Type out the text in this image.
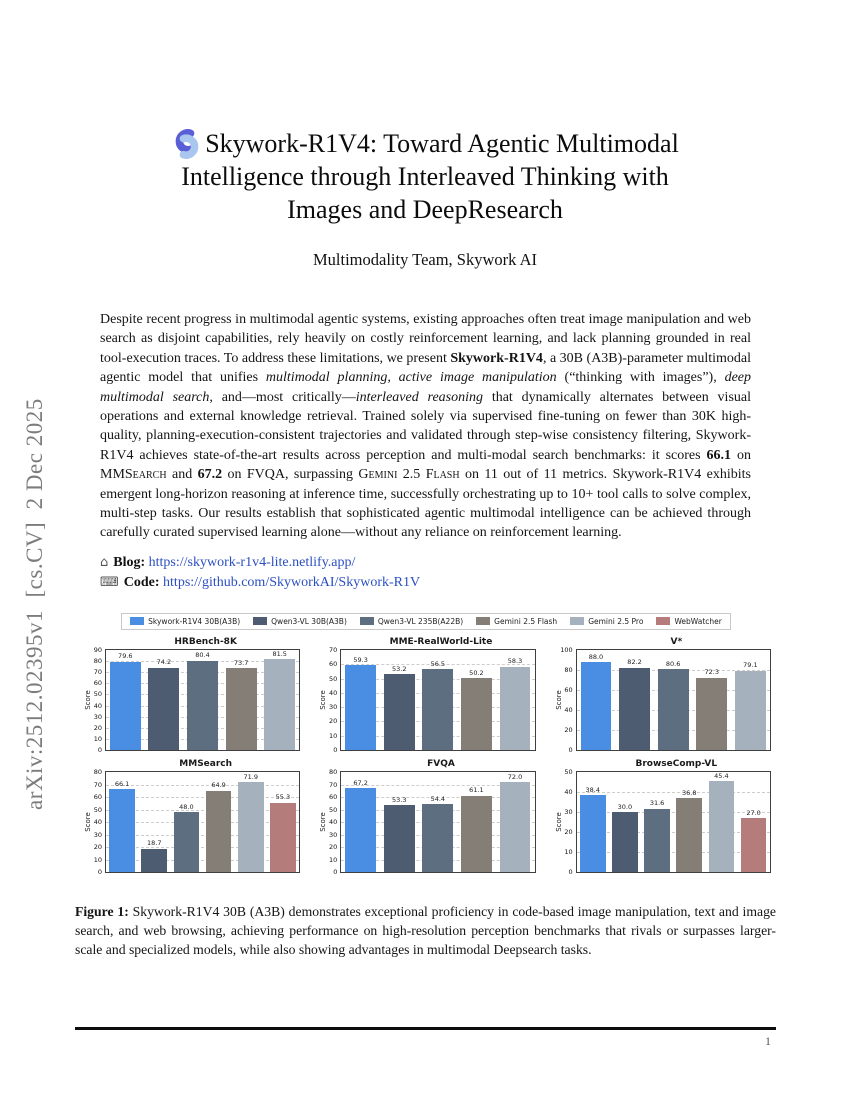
arXiv:2512.02395v1  [cs.CV]  2 Dec 2025
Skywork-R1V4: Toward Agentic Multimodal
Intelligence through Interleaved Thinking with
Images and DeepResearch
Multimodality Team, Skywork AI
Despite recent progress in multimodal agentic systems, existing approaches often treat image manipulation and web search as disjoint capabilities, rely heavily on costly reinforcement learning, and lack planning grounded in real tool-execution traces. To address these limitations, we present Skywork-R1V4, a 30B (A3B)-parameter multimodal agentic model that unifies multimodal planning, active image manipulation (“thinking with images”), deep multimodal search, and—most critically—interleaved reasoning that dynamically alternates between visual operations and external knowledge retrieval. Trained solely via supervised fine-tuning on fewer than 30K high-quality, planning-execution-consistent trajectories and validated through step-wise consistency filtering, Skywork-R1V4 achieves state-of-the-art results across perception and multi-modal search benchmarks: it scores 66.1 on MMSearch and 67.2 on FVQA, surpassing Gemini 2.5 Flash on 11 out of 11 metrics. Skywork-R1V4 exhibits emergent long-horizon reasoning at inference time, successfully orchestrating up to 10+ tool calls to solve complex, multi-step tasks. Our results establish that sophisticated agentic multimodal intelligence can be achieved through carefully curated supervised learning alone—without any reliance on reinforcement learning.
⌂ Blog: https://skywork-r1v4-lite.netlify.app/
⌨ Code: https://github.com/SkyworkAI/Skywork-R1V
Skywork-R1V4 30B(A3B)	Qwen3-VL 30B(A3B)	Qwen3-VL 235B(A22B)	Gemini 2.5 Flash	Gemini 2.5 Pro	WebWatcher
HRBench-8K
Score
0
10
20
30
40
50
60
70
80
90
79.6
74.2
80.4
73.7
81.5
MME-RealWorld-Lite
Score
0
10
20
30
40
50
60
70
59.3
53.2
56.5
50.2
58.3
V*
Score
0
20
40
60
80
100
88.0
82.2	80.6
72.3
79.1
MMSearch
Score
0
10
20
30
40
50
60
70
80
66.1
18.7
48.0
64.9
71.9
55.3
FVQA
Score
0
10
20
30
40
50
60
70
80
67.2
53.3	54.4
61.1
72.0
BrowseComp-VL
Score
0
10
20
30
40
50
38.4
30.0	31.6
36.8
45.4
27.0
Figure 1: Skywork-R1V4 30B (A3B) demonstrates exceptional proficiency in code-based image manipulation, text and image search, and web browsing, achieving performance on high-resolution perception benchmarks that rivals or surpasses larger-scale and specialized models, while also showing advantages in multimodal Deepsearch tasks.
1
